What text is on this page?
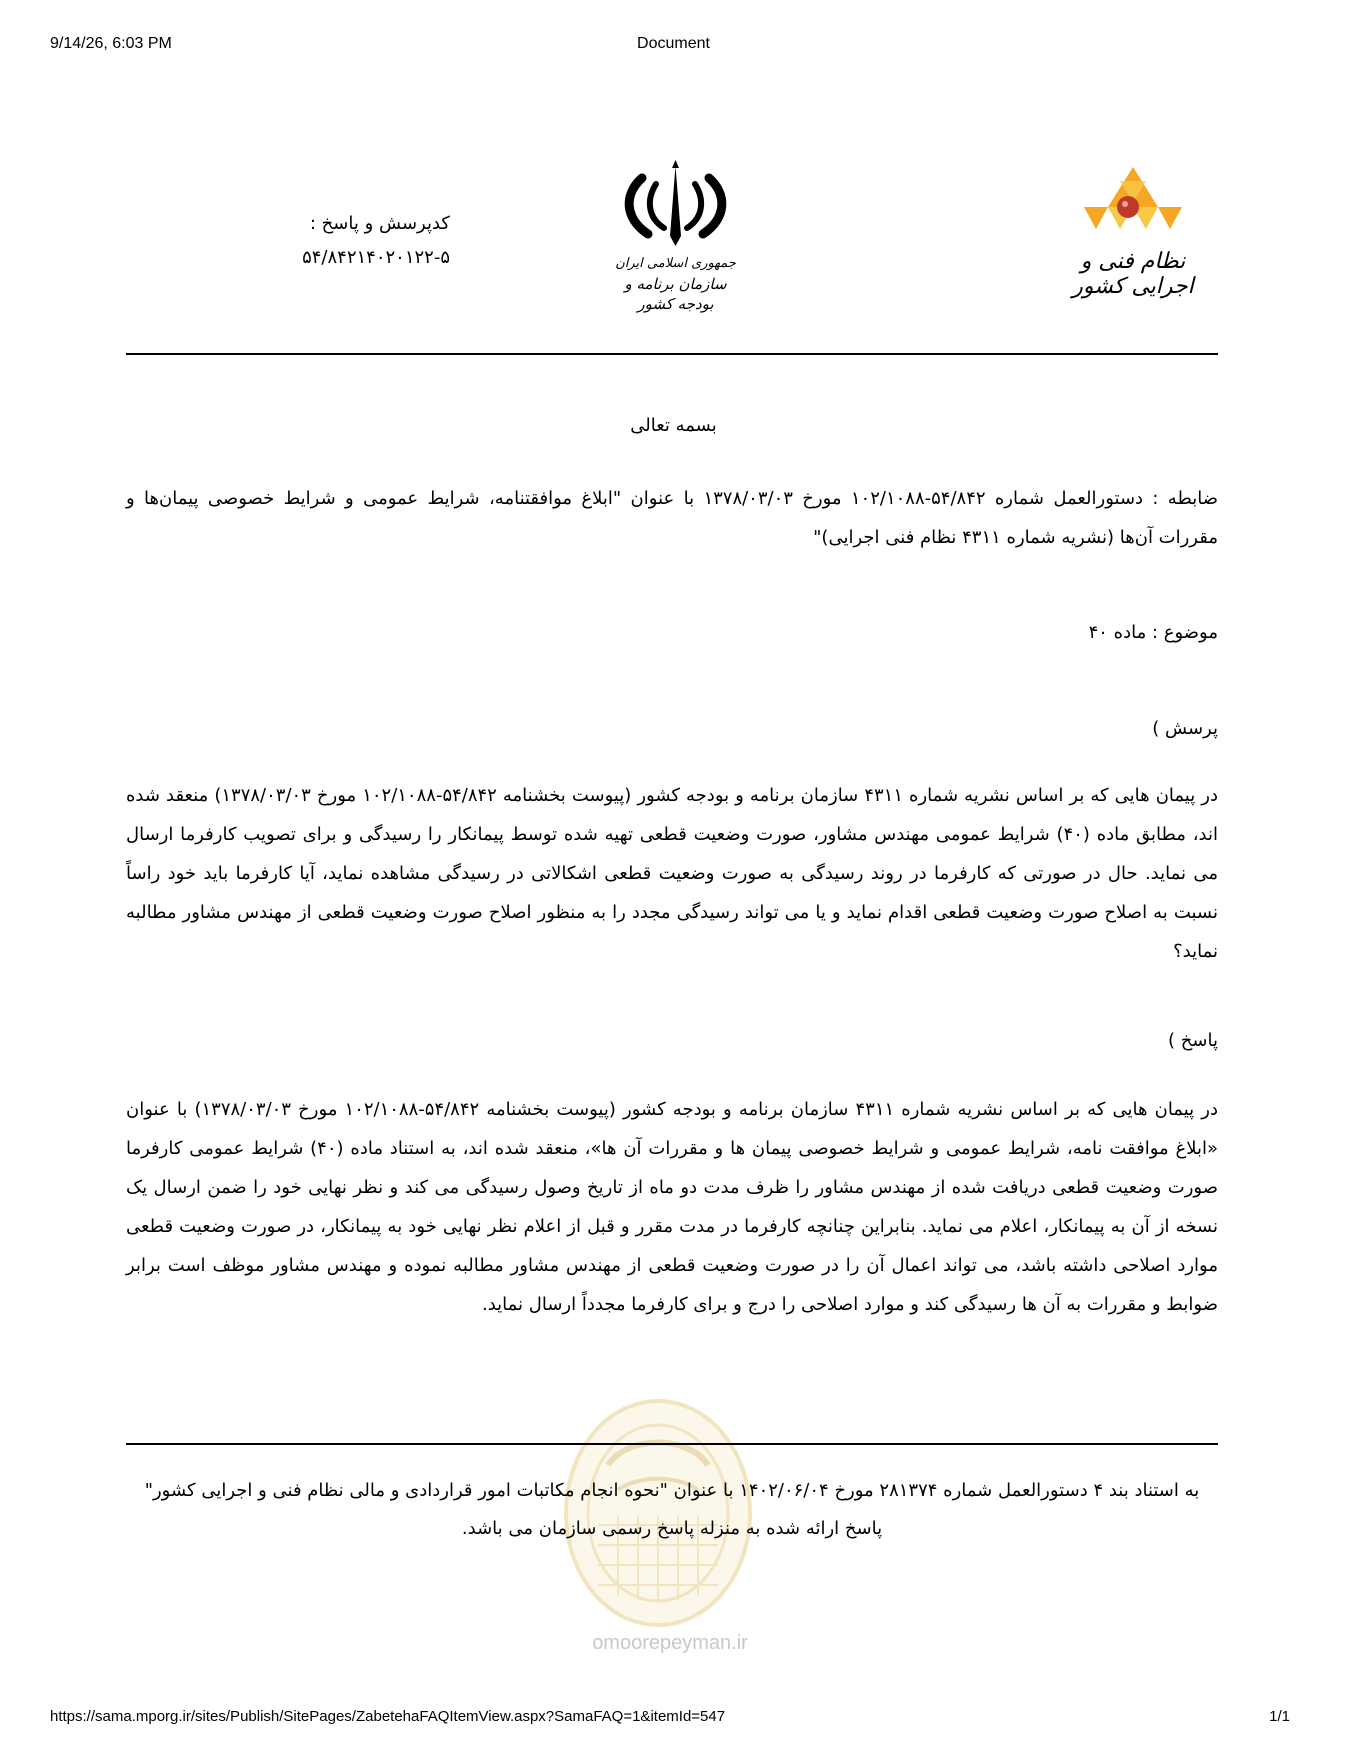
9/14/26, 6:03 PM	Document
کدپرسش و پاسخ :
۵۴/۸۴۲۱۴۰۲۰۱۲۲-۵	جمهوری اسلامی ایران
سازمان برنامه و بودجه کشور
نظام فنی و اجرایی کشور
بسمه تعالی
ضابطه : دستورالعمل شماره ۵۴/۸۴۲-۱۰۲/۱۰۸۸ مورخ ۱۳۷۸/۰۳/۰۳ با عنوان "ابلاغ موافقتنامه، شرایط عمومی و شرایط خصوصی پیمان‌ها و مقررات آن‌ها (نشریه شماره ۴۳۱۱ نظام فنی اجرایی)"
موضوع : ماده ۴۰
پرسش )
در پیمان هایی که بر اساس نشریه شماره ۴۳۱۱ سازمان برنامه و بودجه کشور (پیوست بخشنامه ۵۴/۸۴۲-۱۰۲/۱۰۸۸ مورخ ۱۳۷۸/۰۳/۰۳) منعقد شده اند، مطابق ماده (۴۰) شرایط عمومی مهندس مشاور، صورت وضعیت قطعی تهیه شده توسط پیمانکار را رسیدگی و برای تصویب کارفرما ارسال می نماید. حال در صورتی که کارفرما در روند رسیدگی به صورت وضعیت قطعی اشکالاتی در رسیدگی مشاهده نماید، آیا کارفرما باید خود راساً نسبت به اصلاح صورت وضعیت قطعی اقدام نماید و یا می تواند رسیدگی مجدد را به منظور اصلاح صورت وضعیت قطعی از مهندس مشاور مطالبه نماید؟
پاسخ )
در پیمان هایی که بر اساس نشریه شماره ۴۳۱۱ سازمان برنامه و بودجه کشور (پیوست بخشنامه ۵۴/۸۴۲-۱۰۲/۱۰۸۸ مورخ ۱۳۷۸/۰۳/۰۳) با عنوان «ابلاغ موافقت نامه، شرایط عمومی و شرایط خصوصی پیمان ها و مقررات آن ها»، منعقد شده اند، به استناد ماده (۴۰) شرایط عمومی کارفرما صورت وضعیت قطعی دریافت شده از مهندس مشاور را ظرف مدت دو ماه از تاریخ وصول رسیدگی می کند و نظر نهایی خود را ضمن ارسال یک نسخه از آن به پیمانکار، اعلام می نماید. بنابراین چنانچه کارفرما در مدت مقرر و قبل از اعلام نظر نهایی خود به پیمانکار، در صورت وضعیت قطعی موارد اصلاحی داشته باشد، می تواند اعمال آن را در صورت وضعیت قطعی از مهندس مشاور مطالبه نموده و مهندس مشاور موظف است برابر ضوابط و مقررات به آن ها رسیدگی کند و موارد اصلاحی را درج و برای کارفرما مجدداً ارسال نماید.
به استناد بند ۴ دستورالعمل شماره ۲۸۱۳۷۴ مورخ ۱۴۰۲/۰۶/۰۴ با عنوان "نحوه انجام مکاتبات امور قراردادی و مالی نظام فنی و اجرایی کشور" پاسخ ارائه شده به منزله پاسخ رسمی سازمان می باشد.
omoorepeyman.ir
https://sama.mporg.ir/sites/Publish/SitePages/ZabetehaFAQItemView.aspx?SamaFAQ=1&itemId=547	1/1
